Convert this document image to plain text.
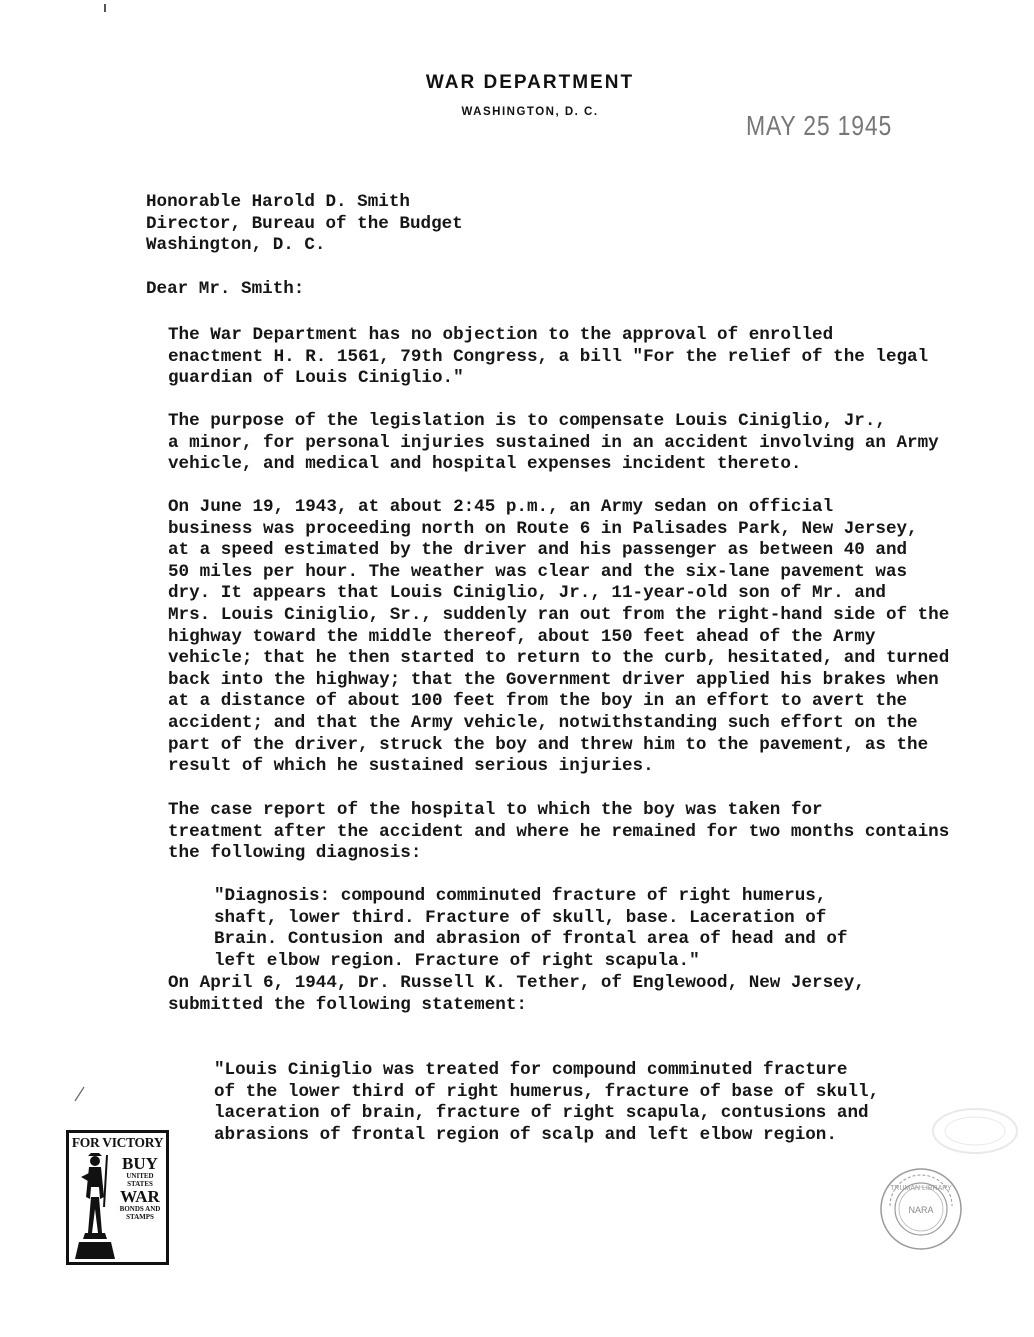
WAR DEPARTMENT
WASHINGTON, D. C.	MAY 25 1945
Honorable Harold D. Smith
Director, Bureau of the Budget
Washington, D. C.
Dear Mr. Smith:
The War Department has no objection to the approval of enrolled
enactment H. R. 1561, 79th Congress, a bill "For the relief of the legal
guardian of Louis Ciniglio."
The purpose of the legislation is to compensate Louis Ciniglio, Jr.,
a minor, for personal injuries sustained in an accident involving an Army
vehicle, and medical and hospital expenses incident thereto.
On June 19, 1943, at about 2:45 p.m., an Army sedan on official
business was proceeding north on Route 6 in Palisades Park, New Jersey,
at a speed estimated by the driver and his passenger as between 40 and
50 miles per hour. The weather was clear and the six-lane pavement was
dry. It appears that Louis Ciniglio, Jr., 11-year-old son of Mr. and
Mrs. Louis Ciniglio, Sr., suddenly ran out from the right-hand side of the
highway toward the middle thereof, about 150 feet ahead of the Army
vehicle; that he then started to return to the curb, hesitated, and turned
back into the highway; that the Government driver applied his brakes when
at a distance of about 100 feet from the boy in an effort to avert the
accident; and that the Army vehicle, notwithstanding such effort on the
part of the driver, struck the boy and threw him to the pavement, as the
result of which he sustained serious injuries.
The case report of the hospital to which the boy was taken for
treatment after the accident and where he remained for two months contains
the following diagnosis:
"Diagnosis: compound comminuted fracture of right humerus,
shaft, lower third. Fracture of skull, base. Laceration of
Brain. Contusion and abrasion of frontal area of head and of
left elbow region. Fracture of right scapula."
On April 6, 1944, Dr. Russell K. Tether, of Englewood, New Jersey,
submitted the following statement:
"Louis Ciniglio was treated for compound comminuted fracture
of the lower third of right humerus, fracture of base of skull,
laceration of brain, fracture of right scapula, contusions and
abrasions of frontal region of scalp and left elbow region.
FOR VICTORY
BUY
UNITED STATES
WAR
BONDS AND
STAMPS
NARA
TRUMAN LIBRARY
